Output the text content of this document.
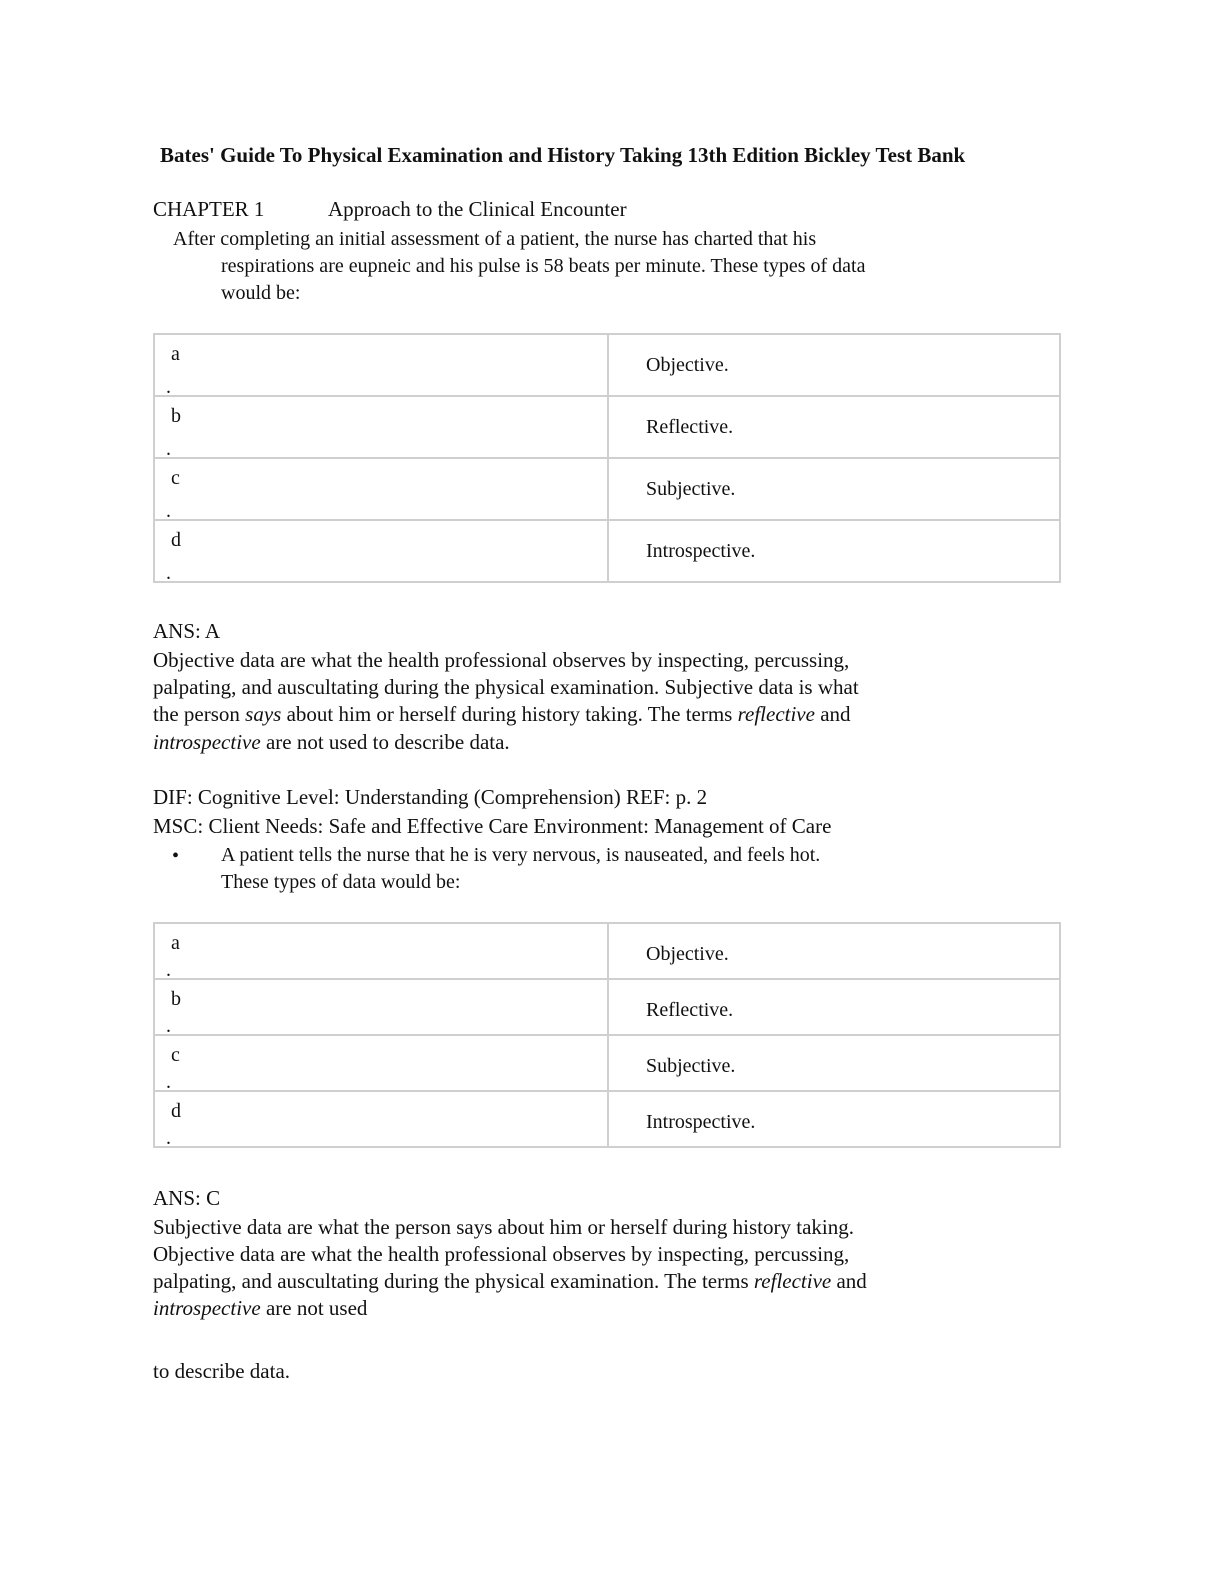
Bates' Guide To Physical Examination and History Taking 13th Edition Bickley Test Bank
CHAPTER 1	Approach to the Clinical Encounter
After completing an initial assessment of a patient, the nurse has charted that his
respirations are eupneic and his pulse is 58 beats per minute. These types of data
would be:
a
.	Objective.

b
.	Reflective.

c
.	Subjective.

d
.	Introspective.
ANS: A
Objective data are what the health professional observes by inspecting, percussing,
palpating, and auscultating during the physical examination. Subjective data is what
the person says about him or herself during history taking. The terms reflective and
introspective are not used to describe data.
DIF: Cognitive Level: Understanding (Comprehension) REF: p. 2
MSC: Client Needs: Safe and Effective Care Environment: Management of Care
• A patient tells the nurse that he is very nervous, is nauseated, and feels hot.
These types of data would be:
a
.	Objective.

b
.	Reflective.

c
.	Subjective.

d
.	Introspective.
ANS: C
Subjective data are what the person says about him or herself during history taking.
Objective data are what the health professional observes by inspecting, percussing,
palpating, and auscultating during the physical examination. The terms reflective and
introspective are not used
to describe data.
